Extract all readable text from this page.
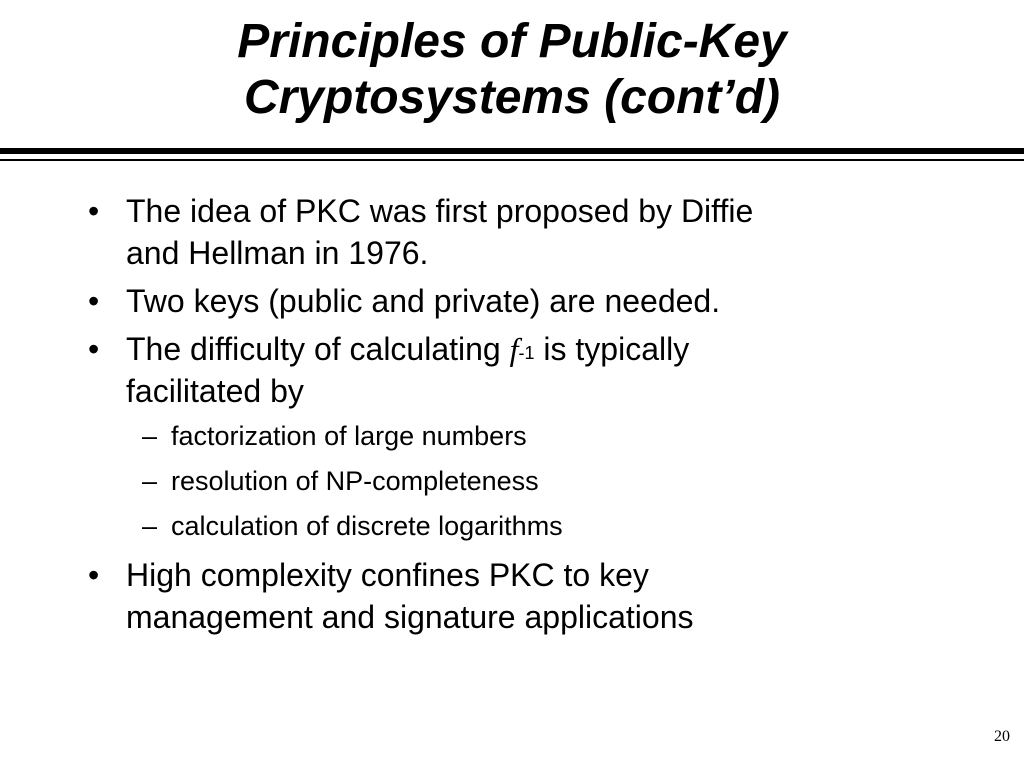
Principles of Public-Key
Cryptosystems (cont’d)
• The idea of PKC was first proposed by Diffie
and Hellman in 1976.
• Two keys (public and private) are needed.
• The difficulty of calculating $f^{-1}$ is typically
facilitated by
– factorization of large numbers
– resolution of NP-completeness
– calculation of discrete logarithms
• High complexity confines PKC to key
management and signature applications
20
